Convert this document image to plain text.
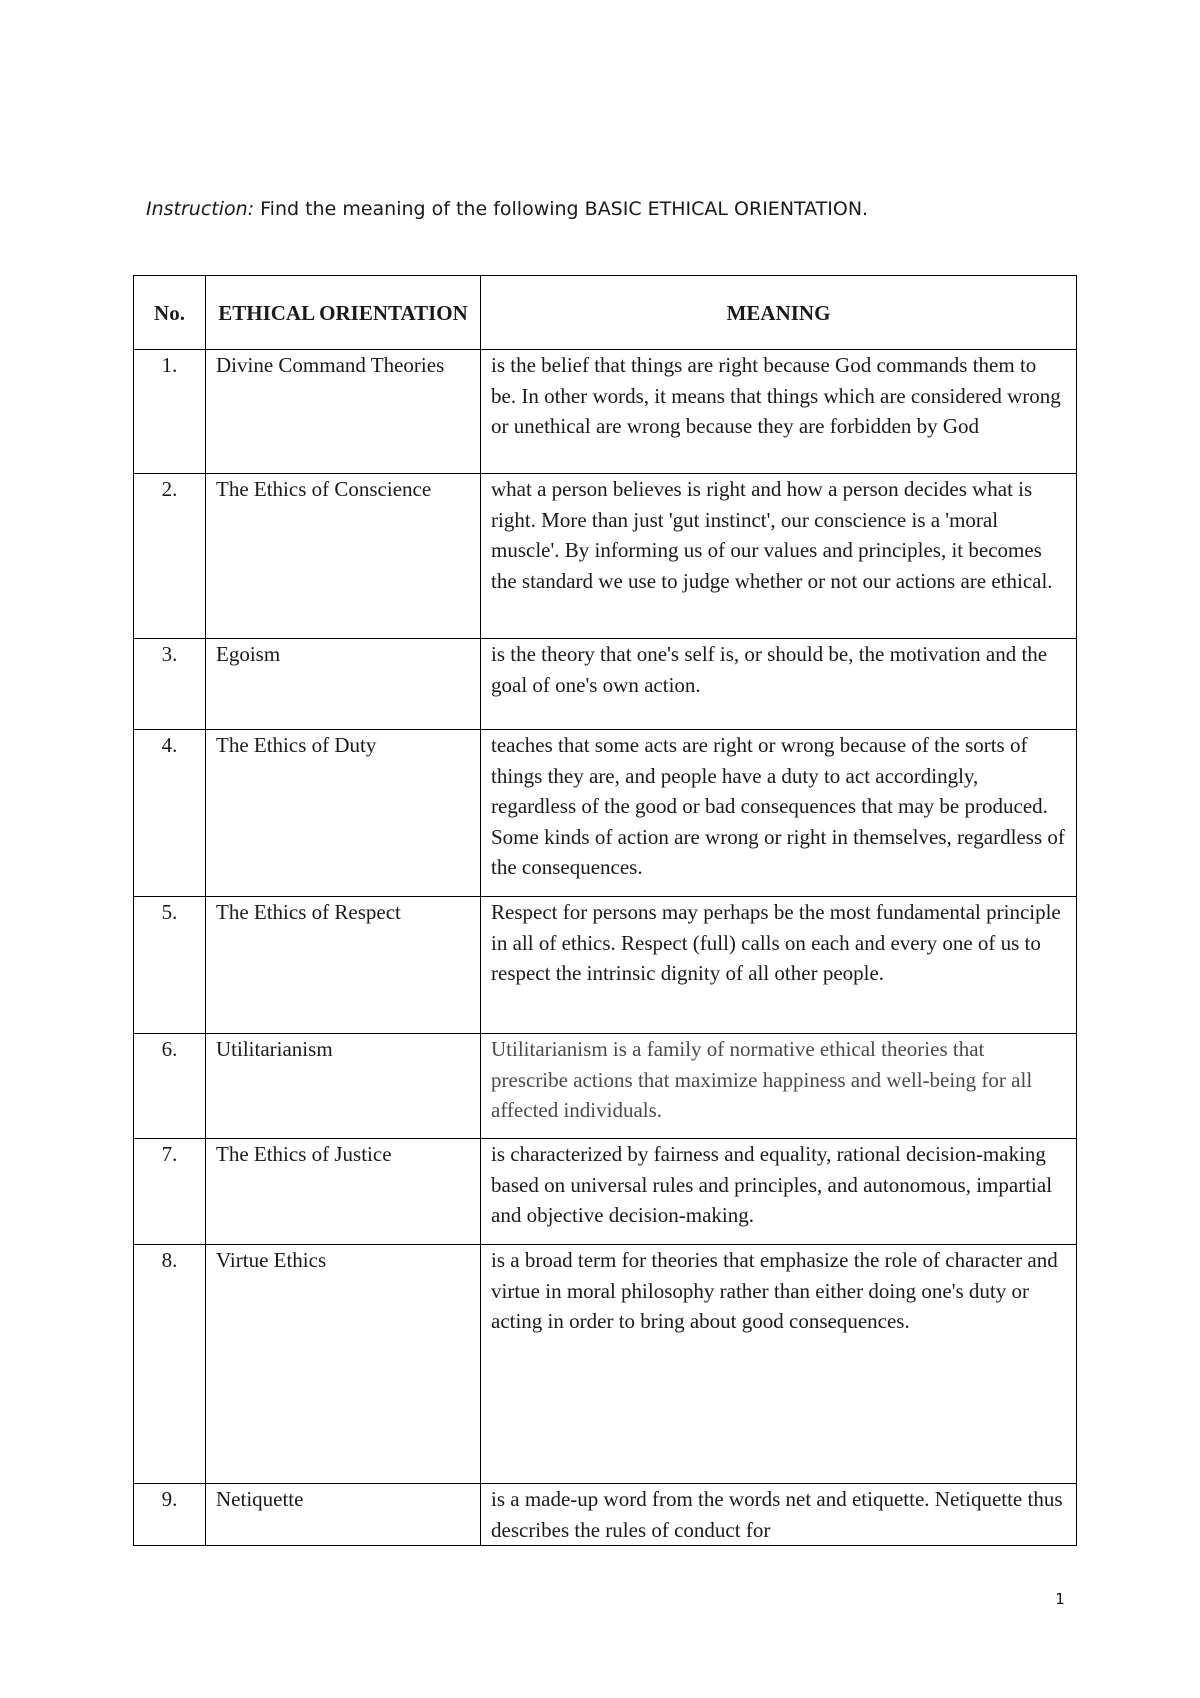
Instruction: Find the meaning of the following BASIC ETHICAL ORIENTATION.
No.	ETHICAL ORIENTATION	MEANING
1.	Divine Command Theories	is the belief that things are right because God commands them to be. In other words, it means that things which are considered wrong or unethical are wrong because they are forbidden by God
2.	The Ethics of Conscience	what a person believes is right and how a person decides what is right. More than just 'gut instinct', our conscience is a 'moral muscle'. By informing us of our values and principles, it becomes the standard we use to judge whether or not our actions are ethical.
3.	Egoism	is the theory that one's self is, or should be, the motivation and the goal of one's own action.
4.	The Ethics of Duty	teaches that some acts are right or wrong because of the sorts of things they are, and people have a duty to act accordingly, regardless of the good or bad consequences that may be produced. Some kinds of action are wrong or right in themselves, regardless of the consequences.
5.	The Ethics of Respect	Respect for persons may perhaps be the most fundamental principle in all of ethics. Respect (full) calls on each and every one of us to respect the intrinsic dignity of all other people.
6.	Utilitarianism	Utilitarianism is a family of normative ethical theories that prescribe actions that maximize happiness and well-being for all affected individuals.
7.	The Ethics of Justice	is characterized by fairness and equality, rational decision-making based on universal rules and principles, and autonomous, impartial and objective decision-making.
8.	Virtue Ethics	is a broad term for theories that emphasize the role of character and virtue in moral philosophy rather than either doing one's duty or acting in order to bring about good consequences.
9.	Netiquette	is a made-up word from the words net and etiquette. Netiquette thus describes the rules of conduct for
1
